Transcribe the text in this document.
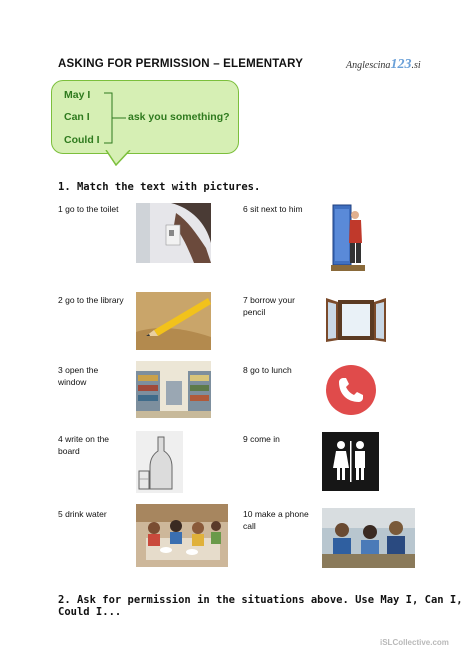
ASKING FOR PERMISSION – ELEMENTARY	Anglescina123.si
May I
Can I
Could I
ask you something?
1. Match the text with pictures.
1 go to the toilet
2 go to the library
3 open the window
4 write on the board
5 drink water
6 sit next to him
7 borrow your pencil
8 go to lunch
9 come in
10 make a phone call
2. Ask for permission in the situations above. Use May I, Can I, Could I...
iSLCollective.com
